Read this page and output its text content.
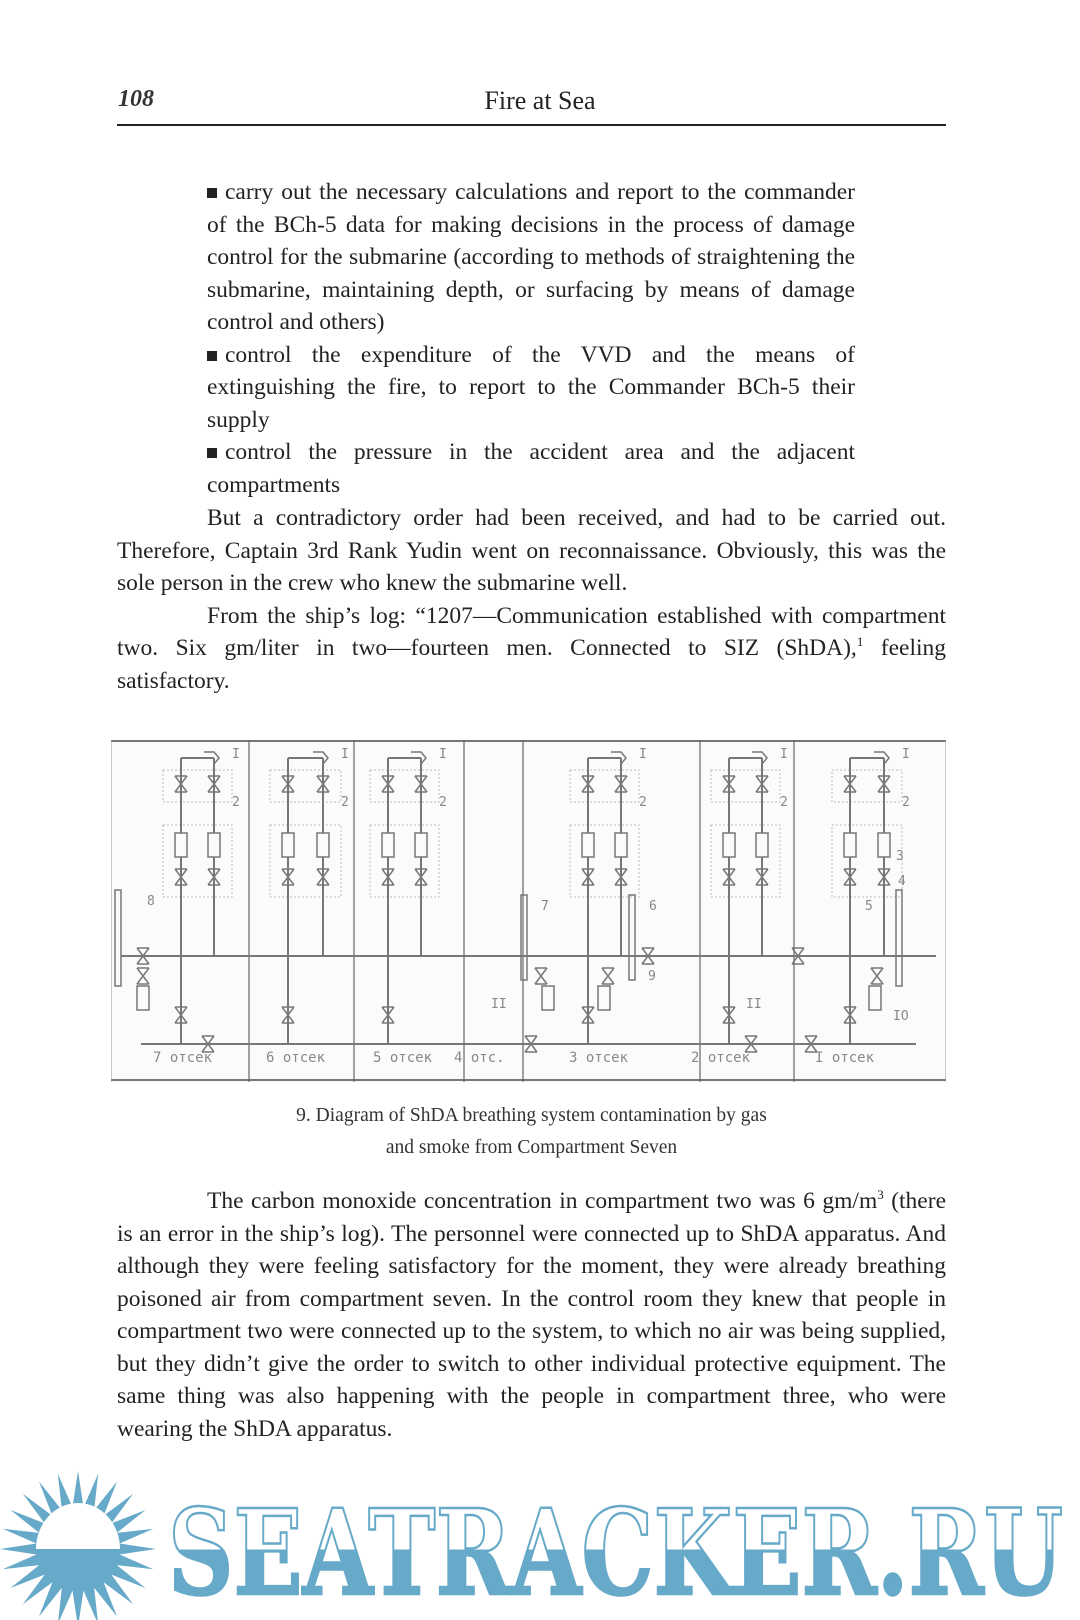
108	Fire at Sea

carry out the necessary calculations and report to the commander of the BCh-5 data for making decisions in the process of damage control for the submarine (according to methods of straightening the submarine, maintaining depth, or surfacing by means of damage control and others)

control the expenditure of the VVD and the means of extinguishing the fire, to report to the Commander BCh-5 their supply

control the pressure in the accident area and the adjacent compartments

But a contradictory order had been received, and had to be carried out. Therefore, Captain 3rd Rank Yudin went on reconnaissance. Obviously, this was the sole person in the crew who knew the submarine well.

From the ship’s log: “1207—Communication established with compartment two. Six gm/liter in two—fourteen men. Connected to SIZ (ShDA),$^1$ feeling satisfactory.

I
2
7 отсек
I
2
6 отсек
I
2
5 отсек 4 отс.
I
2
3 отсек
I
2
2 отсек
I
2
I отсек
3
4
5
6
7
8
9
IO
II	II
9. Diagram of ShDA breathing system contamination by gas
and smoke from Compartment Seven

The carbon monoxide concentration in compartment two was 6 $gm/m^3$ (there is an error in the ship’s log). The personnel were connected up to ShDA apparatus. And although they were feeling satisfactory for the moment, they were already breathing poisoned air from compartment seven. In the control room they knew that people in compartment two were connected up to the system, to which no air was being supplied, but they didn’t give the order to switch to other individual protective equipment. The same thing was also happening with the people in compartment three, who were wearing the ShDA apparatus.

SEATRACKER.RU
